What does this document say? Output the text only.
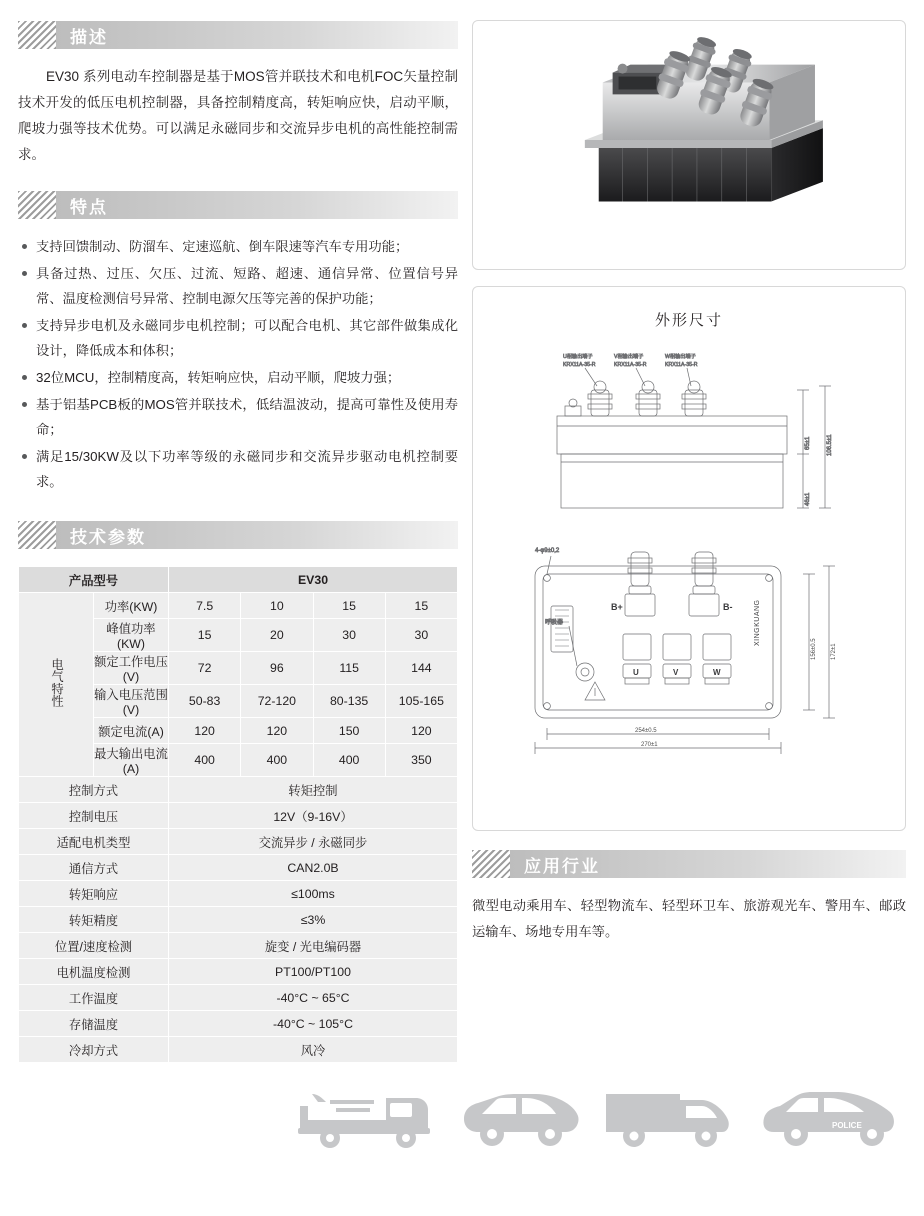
描述
EV30 系列电动车控制器是基于MOS管并联技术和电机FOC矢量控制技术开发的低压电机控制器，具备控制精度高，转矩响应快，启动平顺，爬坡力强等技术优势。可以满足永磁同步和交流异步电机的高性能控制需求。
特点
支持回馈制动、防溜车、定速巡航、倒车限速等汽车专用功能；
具备过热、过压、欠压、过流、短路、超速、通信异常、位置信号异常、温度检测信号异常、控制电源欠压等完善的保护功能；
支持异步电机及永磁同步电机控制；可以配合电机、其它部件做集成化设计，降低成本和体积；
32位MCU，控制精度高，转矩响应快，启动平顺，爬坡力强；
基于铝基PCB板的MOS管并联技术，低结温波动，提高可靠性及使用寿命；
满足15/30KW及以下功率等级的永磁同步和交流异步驱动电机控制要求。
技术参数
产品型号		EV30			
电气特性	功率(KW)	7.5	10	15	15
	峰值功率(KW)	15	20	30	30
	额定工作电压(V)	72	96	115	144
	输入电压范围(V)	50-83	72-120	80-135	105-165
	额定电流(A)	120	120	150	120
	最大输出电流(A)	400	400	400	350
控制方式		转矩控制			
控制电压		12V（9-16V）			
适配电机类型		交流异步 / 永磁同步			
通信方式		CAN2.0B			
转矩响应		≤100ms			
转矩精度		≤3%			
位置/速度检测		旋变 / 光电编码器			
电机温度检测		PT100/PT100			
工作温度		-40°C ~ 65°C			
存储温度		-40°C ~ 105°C			
冷却方式		风冷			
外形尺寸
U相输出端子
KRX11A-35-R
V相输出端子
KRX11A-35-R
W相输出端子
KRX11A-35-R
65±1	106.5±1
46±1
4-φ9±0,2
呼吸器
B+	B-
U	V	W
XINGKUANG
254±0.5
270±1
156±0.5 172±1
应用行业
微型电动乘用车、轻型物流车、轻型环卫车、旅游观光车、警用车、邮政运输车、场地专用车等。
POLICE
